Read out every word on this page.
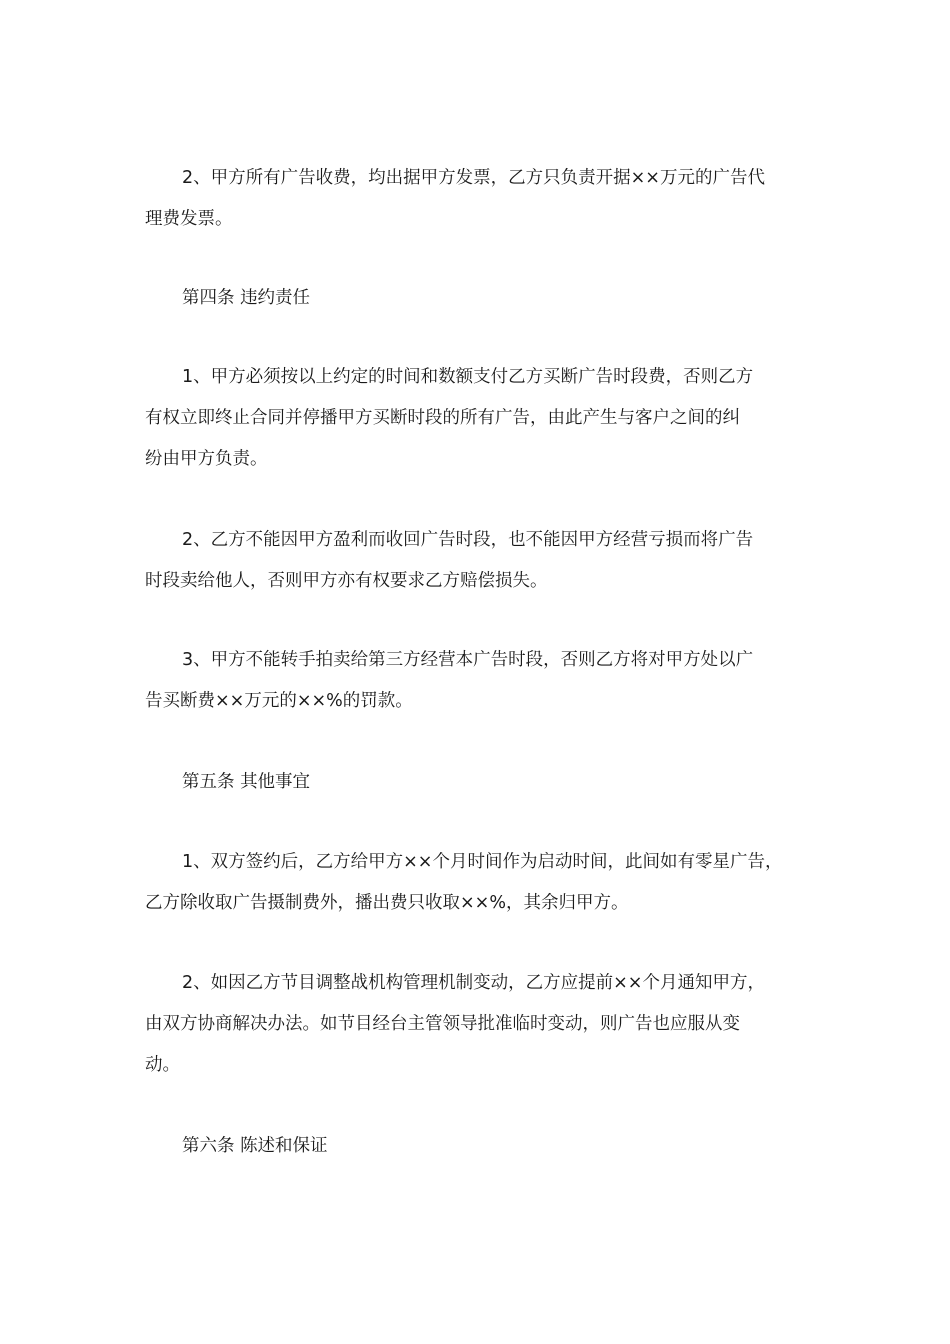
2、甲方所有广告收费，均出据甲方发票，乙方只负责开据××万元的广告代
理费发票。
第四条 违约责任
1、甲方必须按以上约定的时间和数额支付乙方买断广告时段费，否则乙方
有权立即终止合同并停播甲方买断时段的所有广告，由此产生与客户之间的纠
纷由甲方负责。
2、乙方不能因甲方盈利而收回广告时段，也不能因甲方经营亏损而将广告
时段卖给他人，否则甲方亦有权要求乙方赔偿损失。
3、甲方不能转手拍卖给第三方经营本广告时段，否则乙方将对甲方处以广
告买断费××万元的××%的罚款。
第五条 其他事宜
1、双方签约后，乙方给甲方××个月时间作为启动时间，此间如有零星广告，
乙方除收取广告摄制费外，播出费只收取××%，其余归甲方。
2、如因乙方节目调整战机构管理机制变动，乙方应提前××个月通知甲方，
由双方协商解决办法。如节目经台主管领导批准临时变动，则广告也应服从变
动。
第六条 陈述和保证
